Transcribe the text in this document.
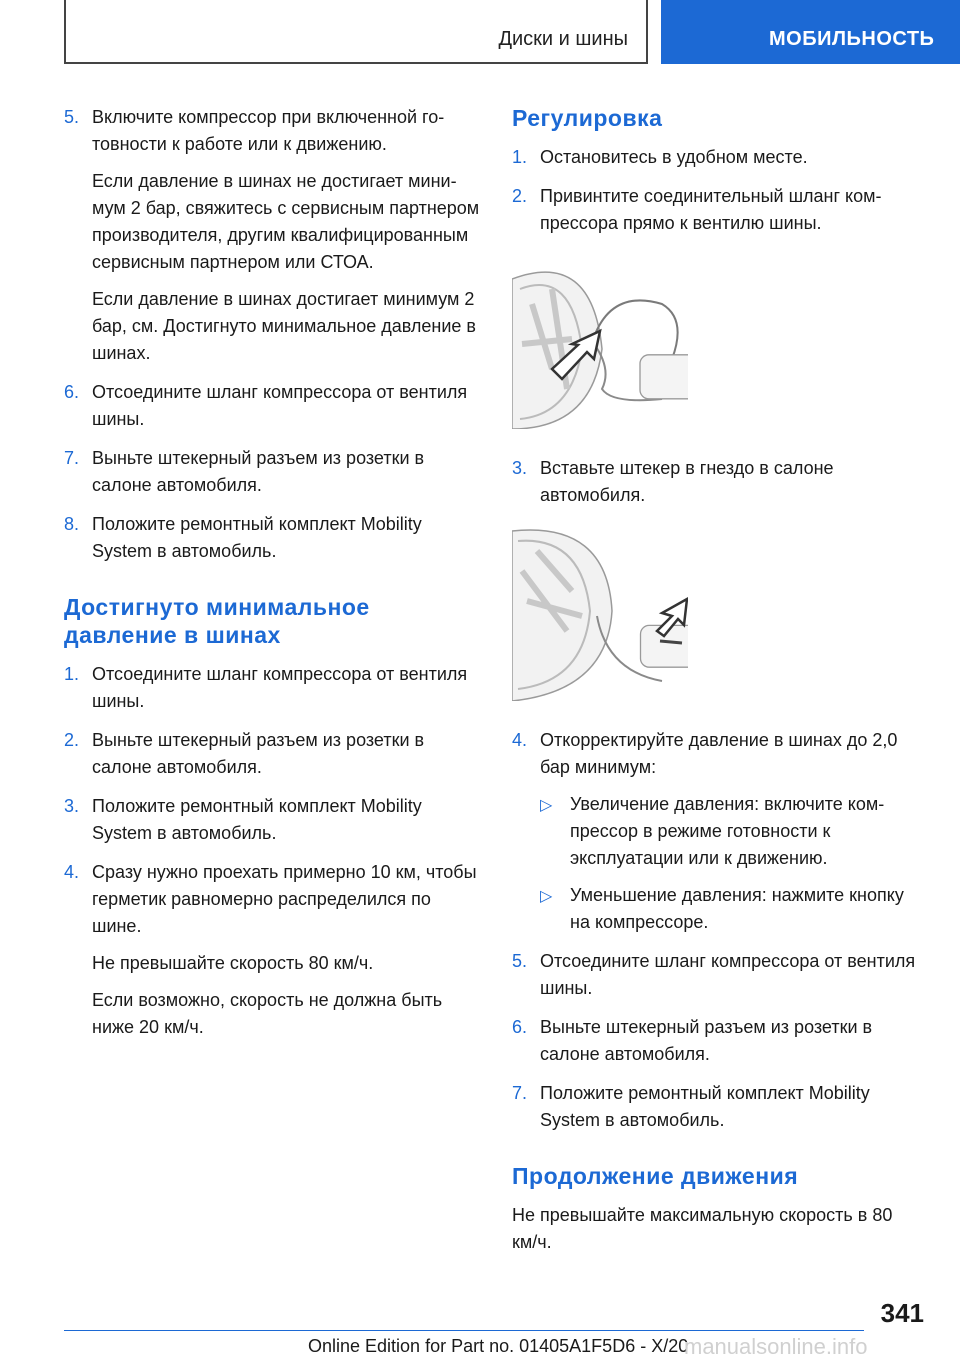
Диски и шины	МОБИЛЬНОСТЬ
5. Включите компрессор при включенной готовности к работе или к движению.

Если давление в шинах не достигает минимум 2 бар, свяжитесь с сервисным партнером производителя, другим квалифицированным сервисным партнером или СТОА.

Если давление в шинах достигает минимум 2 бар, см. Достигнуто минимальное давление в шинах.

6. Отсоедините шланг компрессора от вентиля шины.

7. Выньте штекерный разъем из розетки в салоне автомобиля.

8. Положите ремонтный комплект Mobility System в автомобиль.

Достигнуто минимальное давление в шинах
1. Отсоедините шланг компрессора от вентиля шины.

2. Выньте штекерный разъем из розетки в салоне автомобиля.

3. Положите ремонтный комплект Mobility System в автомобиль.

4. Сразу нужно проехать примерно 10 км, чтобы герметик равномерно распределился по шине.

Не превышайте скорость 80 км/ч.

Если возможно, скорость не должна быть ниже 20 км/ч.

Регулировка
1. Остановитесь в удобном месте.

2. Привинтите соединительный шланг компрессора прямо к вентилю шины.

3. Вставьте штекер в гнездо в салоне автомобиля.

4. Откорректируйте давление в шинах до 2,0 бар минимум:

▷ Увеличение давления: включите компрессор в режиме готовности к эксплуатации или к движению.
▷ Уменьшение давления: нажмите кнопку на компрессоре.
5. Отсоедините шланг компрессора от вентиля шины.

6. Выньте штекерный разъем из розетки в салоне автомобиля.

7. Положите ремонтный комплект Mobility System в автомобиль.

Продолжение движения

Не превышайте максимальную скорость в 80 км/ч.

341
Online Edition for Part no. 01405A1F5D6 - X/20
manualsonline.info
